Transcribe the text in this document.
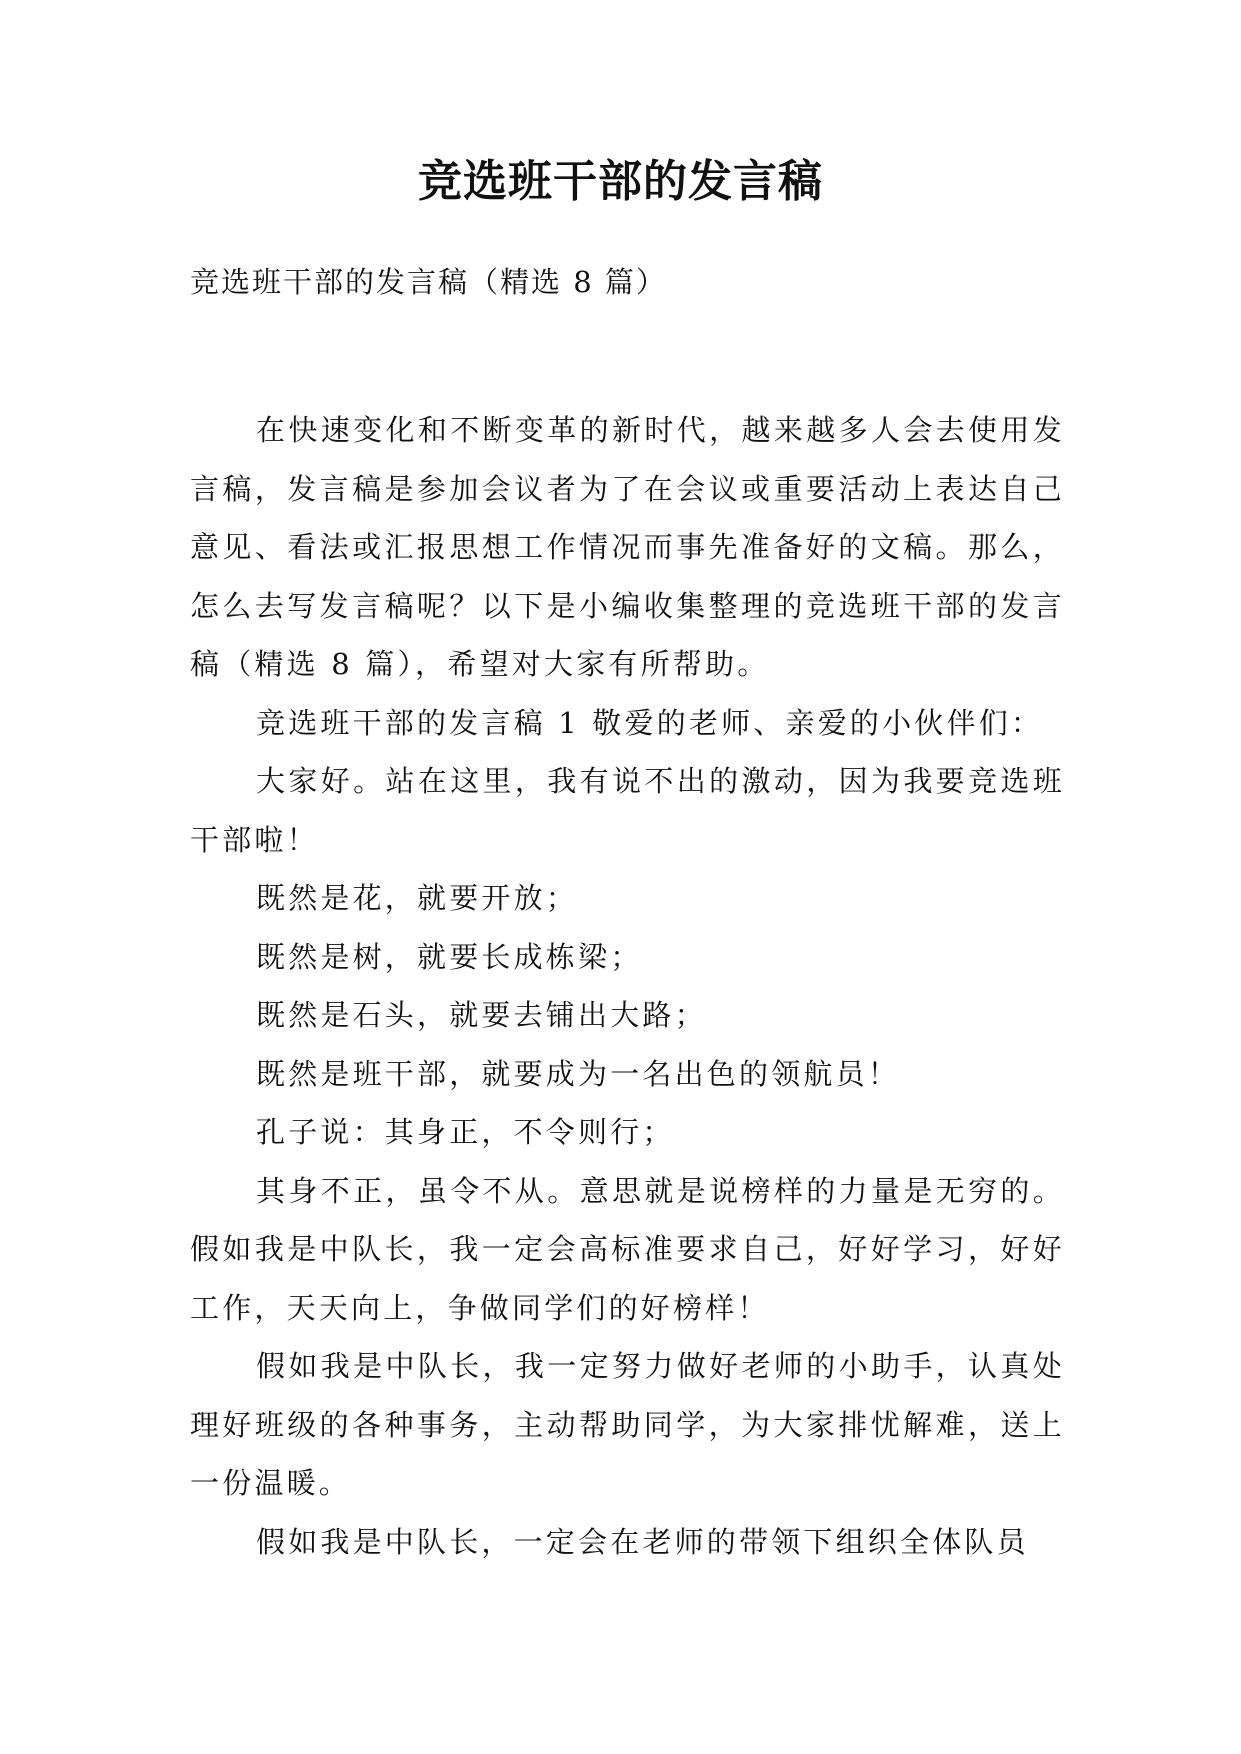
竞选班干部的发言稿

竞选班干部的发言稿（精选 8 篇）

在快速变化和不断变革的新时代，越来越多人会去使用发言稿，发言稿是参加会议者为了在会议或重要活动上表达自己意见、看法或汇报思想工作情况而事先准备好的文稿。那么，怎么去写发言稿呢？以下是小编收集整理的竞选班干部的发言稿（精选 8 篇），希望对大家有所帮助。

竞选班干部的发言稿 1 敬爱的老师、亲爱的小伙伴们：

大家好。站在这里，我有说不出的激动，因为我要竞选班干部啦！

既然是花，就要开放；

既然是树，就要长成栋梁；

既然是石头，就要去铺出大路；

既然是班干部，就要成为一名出色的领航员！

孔子说：其身正，不令则行；

其身不正，虽令不从。意思就是说榜样的力量是无穷的。假如我是中队长，我一定会高标准要求自己，好好学习，好好工作，天天向上，争做同学们的好榜样！

假如我是中队长，我一定努力做好老师的小助手，认真处理好班级的各种事务，主动帮助同学，为大家排忧解难，送上一份温暖。

假如我是中队长，一定会在老师的带领下组织全体队员
